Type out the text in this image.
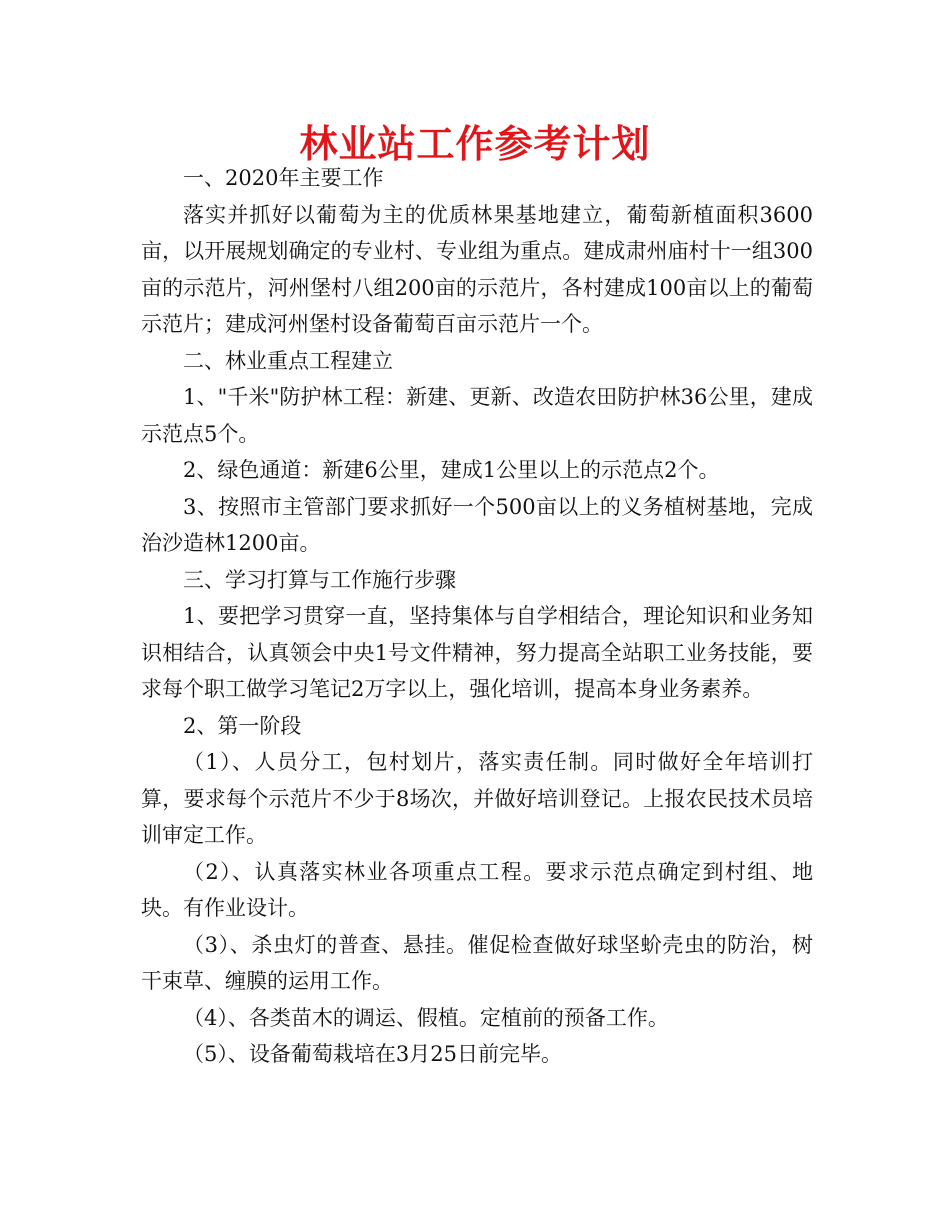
林业站工作参考计划

一、2020年主要工作

落实并抓好以葡萄为主的优质林果基地建立，葡萄新植面积3600亩，以开展规划确定的专业村、专业组为重点。建成肃州庙村十一组300亩的示范片，河州堡村八组200亩的示范片，各村建成100亩以上的葡萄示范片；建成河州堡村设备葡萄百亩示范片一个。

二、林业重点工程建立

1、"千米"防护林工程：新建、更新、改造农田防护林36公里，建成示范点5个。

2、绿色通道：新建6公里，建成1公里以上的示范点2个。

3、按照市主管部门要求抓好一个500亩以上的义务植树基地，完成治沙造林1200亩。

三、学习打算与工作施行步骤

1、要把学习贯穿一直，坚持集体与自学相结合，理论知识和业务知识相结合，认真领会中央1号文件精神，努力提高全站职工业务技能，要求每个职工做学习笔记2万字以上，强化培训，提高本身业务素养。

2、第一阶段

（1）、人员分工，包村划片，落实责任制。同时做好全年培训打算，要求每个示范片不少于8场次，并做好培训登记。上报农民技术员培训审定工作。

（2）、认真落实林业各项重点工程。要求示范点确定到村组、地块。有作业设计。

（3）、杀虫灯的普查、悬挂。催促检查做好球坚蚧壳虫的防治，树干束草、缠膜的运用工作。

（4）、各类苗木的调运、假植。定植前的预备工作。

（5）、设备葡萄栽培在3月25日前完毕。
